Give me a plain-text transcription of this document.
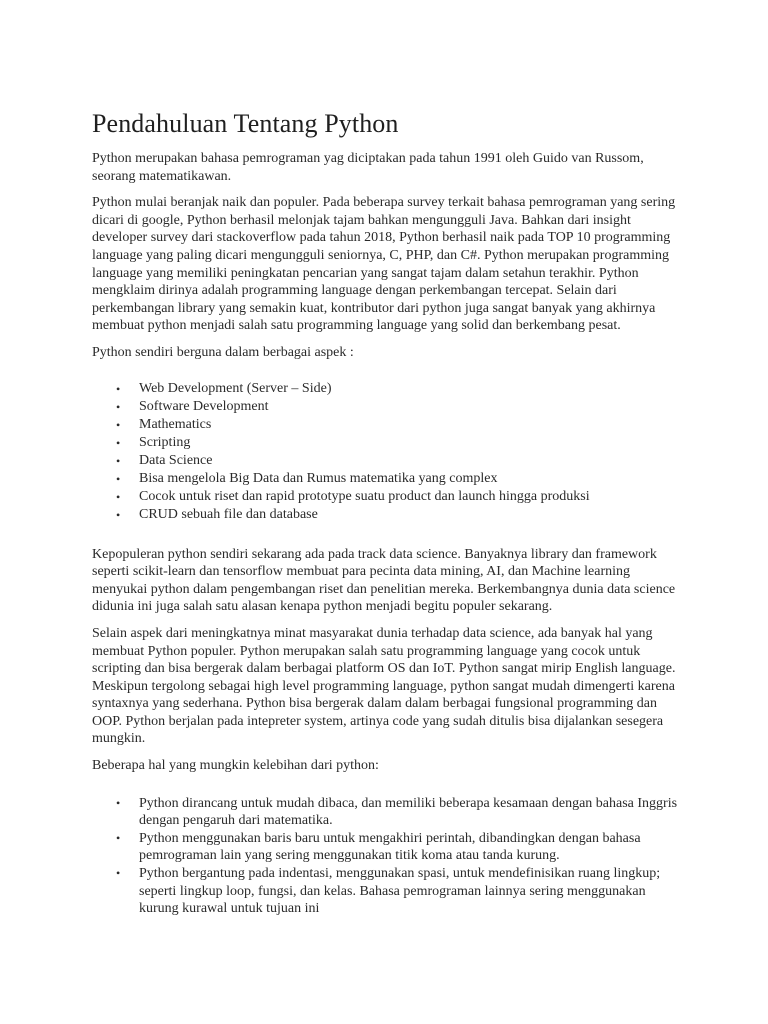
Pendahuluan Tentang Python

Python merupakan bahasa pemrograman yag diciptakan pada tahun 1991 oleh Guido van Russom, seorang matematikawan.

Python mulai beranjak naik dan populer. Pada beberapa survey terkait bahasa pemrograman yang sering dicari di google, Python berhasil melonjak tajam bahkan mengungguli Java. Bahkan dari insight developer survey dari stackoverflow pada tahun 2018, Python berhasil naik pada TOP 10 programming language yang paling dicari mengungguli seniornya, C, PHP, dan C#. Python merupakan programming language yang memiliki peningkatan pencarian yang sangat tajam dalam setahun terakhir. Python mengklaim dirinya adalah programming language dengan perkembangan tercepat. Selain dari perkembangan library yang semakin kuat, kontributor dari python juga sangat banyak yang akhirnya membuat python menjadi salah satu programming language yang solid dan berkembang pesat.

Python sendiri berguna dalam berbagai aspek :

• Web Development (Server – Side)
• Software Development
• Mathematics
• Scripting
• Data Science
• Bisa mengelola Big Data dan Rumus matematika yang complex
• Cocok untuk riset dan rapid prototype suatu product dan launch hingga produksi
• CRUD sebuah file dan database

Kepopuleran python sendiri sekarang ada pada track data science. Banyaknya library dan framework seperti scikit-learn dan tensorflow membuat para pecinta data mining, AI, dan Machine learning menyukai python dalam pengembangan riset dan penelitian mereka. Berkembangnya dunia data science didunia ini juga salah satu alasan kenapa python menjadi begitu populer sekarang.

Selain aspek dari meningkatnya minat masyarakat dunia terhadap data science, ada banyak hal yang membuat Python populer. Python merupakan salah satu programming language yang cocok untuk scripting dan bisa bergerak dalam berbagai platform OS dan IoT. Python sangat mirip English language. Meskipun tergolong sebagai high level programming language, python sangat mudah dimengerti karena syntaxnya yang sederhana. Python bisa bergerak dalam dalam berbagai fungsional programming dan OOP. Python berjalan pada intepreter system, artinya code yang sudah ditulis bisa dijalankan sesegera mungkin.

Beberapa hal yang mungkin kelebihan dari python:

• Python dirancang untuk mudah dibaca, dan memiliki beberapa kesamaan dengan bahasa Inggris dengan pengaruh dari matematika.
• Python menggunakan baris baru untuk mengakhiri perintah, dibandingkan dengan bahasa pemrograman lain yang sering menggunakan titik koma atau tanda kurung.
• Python bergantung pada indentasi, menggunakan spasi, untuk mendefinisikan ruang lingkup; seperti lingkup loop, fungsi, dan kelas. Bahasa pemrograman lainnya sering menggunakan kurung kurawal untuk tujuan ini
